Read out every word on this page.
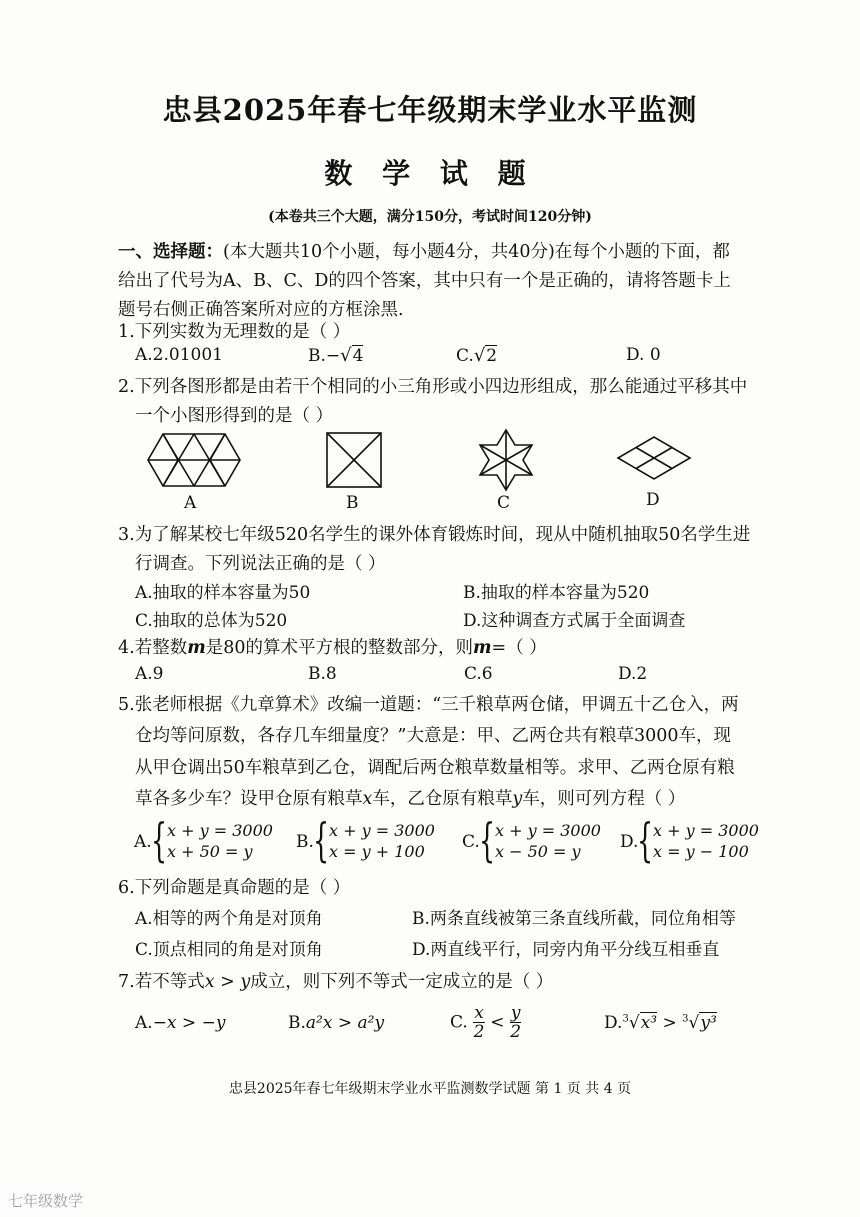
忠县2025年春七年级期末学业水平监测
数 学 试 题
(本卷共三个大题，满分150分，考试时间120分钟)
一、选择题：(本大题共10个小题，每小题4分，共40分)在每个小题的下面，都
给出了代号为A、B、C、D的四个答案，其中只有一个是正确的，请将答题卡上
题号右侧正确答案所对应的方框涂黑.
1.下列实数为无理数的是（ ）
A.2.01001	B.−√4	C.√2	D. 0
2.下列各图形都是由若干个相同的小三角形或小四边形组成，那么能通过平移其中
一个小图形得到的是（ ）
A	B	C	D
3.为了解某校七年级520名学生的课外体育锻炼时间，现从中随机抽取50名学生进
行调查。下列说法正确的是（ ）
A.抽取的样本容量为50	B.抽取的样本容量为520
C.抽取的总体为520	D.这种调查方式属于全面调查
4.若整数m是80的算术平方根的整数部分，则m=（ ）
A.9	B.8	C.6	D.2
5.张老师根据《九章算术》改编一道题：“三千粮草两仓储，甲调五十乙仓入，两
仓均等问原数，各存几车细量度？”大意是：甲、乙两仓共有粮草3000车，现
从甲仓调出50车粮草到乙仓，调配后两仓粮草数量相等。求甲、乙两仓原有粮
草各多少车？设甲仓原有粮草x车，乙仓原有粮草y车，则可列方程（ ）
A. { x + y = 3000
x + 50 = y	B. { x + y = 3000
x = y + 100	C. { x + y = 3000
x − 50 = y	D.
{ x + y = 3000
x = y − 100
6.下列命题是真命题的是（ ）
A.相等的两个角是对顶角	B.两条直线被第三条直线所截，同位角相等
C.顶点相同的角是对顶角	D.两直线平行，同旁内角平分线互相垂直
7.若不等式x > y成立，则下列不等式一定成立的是（ ）
A.−x > −y	B.a²x > a²y	C. $\frac{x}{2} < \frac{y}{2}$	D.$^3$√x³ > $^3$√y³
忠县2025年春七年级期末学业水平监测数学试题 第 1 页 共 4 页
七年级数学
